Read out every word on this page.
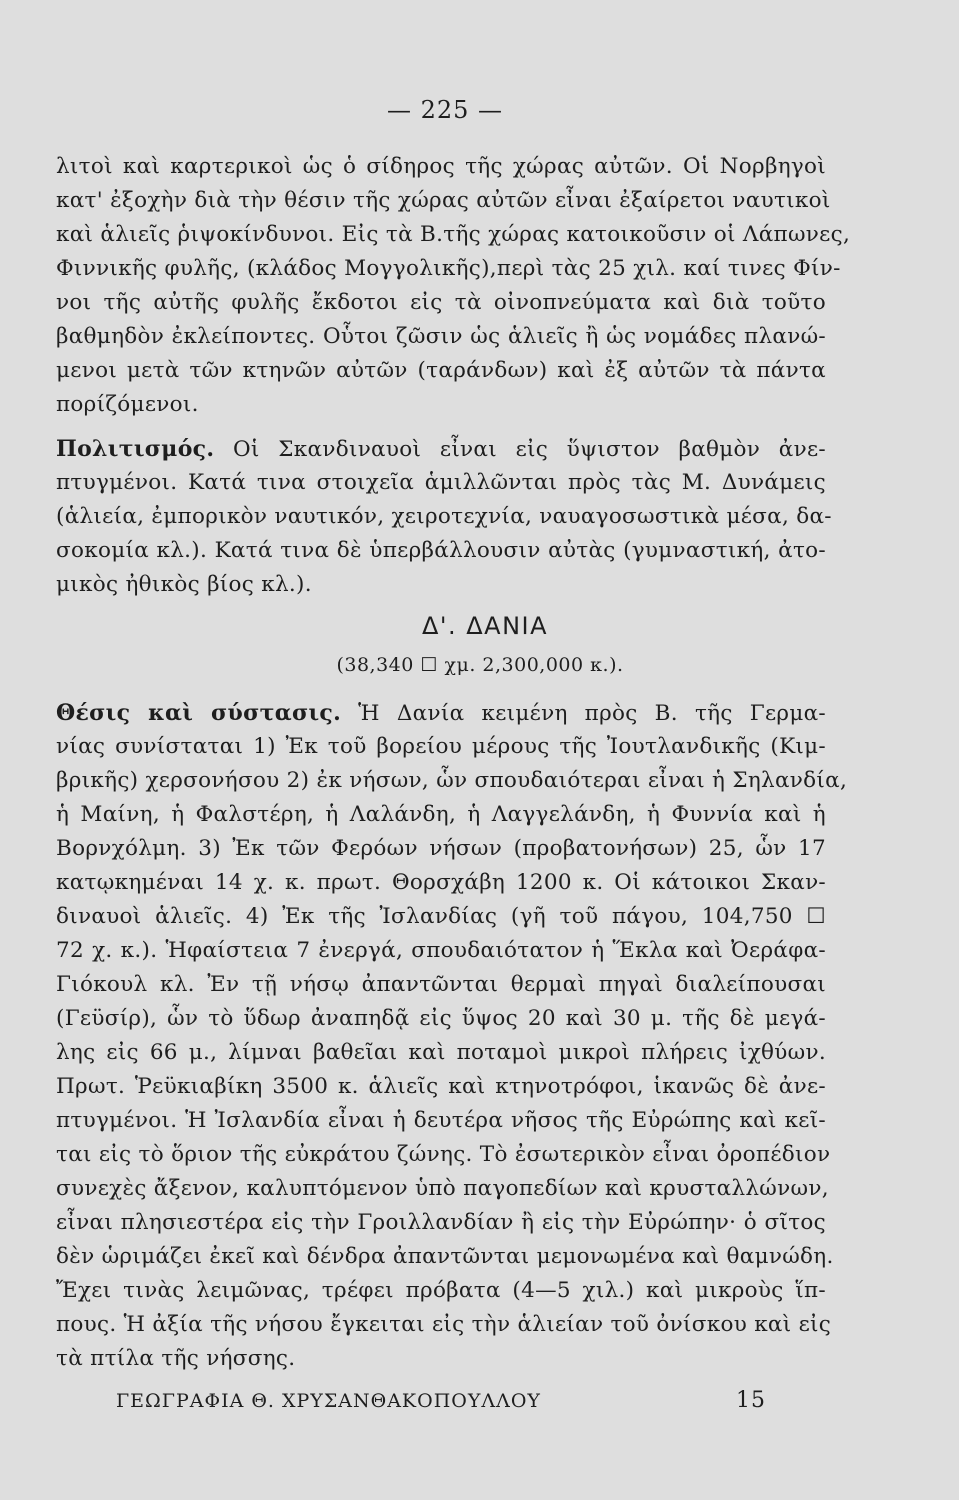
— 225 —
λιτοὶ καὶ καρτερικοὶ ὡς ὁ σίδηρος τῆς χώρας αὐτῶν. Οἱ Νορβηγοὶ
κατ' ἐξοχὴν διὰ τὴν θέσιν τῆς χώρας αὐτῶν εἶναι ἐξαίρετοι ναυτικοὶ
καὶ ἁλιεῖς ῥιψοκίνδυνοι. Εἰς τὰ Β.τῆς χώρας κατοικοῦσιν οἱ Λάπωνες,
Φιννικῆς φυλῆς, (κλάδος Μογγολικῆς),περὶ τὰς 25 χιλ. καί τινες Φίν-
νοι τῆς αὐτῆς φυλῆς ἔκδοτοι εἰς τὰ οἰνοπνεύματα καὶ διὰ τοῦτο
βαθμηδὸν ἐκλείποντες. Οὗτοι ζῶσιν ὡς ἁλιεῖς ἢ ὡς νομάδες πλανώ-
μενοι μετὰ τῶν κτηνῶν αὐτῶν (ταράνδων) καὶ ἐξ αὐτῶν τὰ πάντα
πορίζόμενοι.
Πολιτισμός. Οἱ Σκανδιναυοὶ εἶναι εἰς ὕψιστον βαθμὸν ἀνε-
πτυγμένοι. Κατά τινα στοιχεῖα ἁμιλλῶνται πρὸς τὰς Μ. Δυνάμεις
(ἁλιεία, ἐμπορικὸν ναυτικόν, χειροτεχνία, ναυαγοσωστικὰ μέσα, δα-
σοκομία κλ.). Κατά τινα δὲ ὑπερβάλλουσιν αὐτὰς (γυμναστική, ἀτο-
μικὸς ἠθικὸς βίος κλ.).
Δ'. ΔΑΝΙΑ
(38,340 ☐ χμ. 2,300,000 κ.).
Θέσις καὶ σύστασις. Ἡ Δανία κειμένη πρὸς Β. τῆς Γερμα-
νίας συνίσταται 1) Ἐκ τοῦ βορείου μέρους τῆς Ἰουτλανδικῆς (Κιμ-
βρικῆς) χερσονήσου 2) ἐκ νήσων, ὧν σπουδαιότεραι εἶναι ἡ Σηλανδία,
ἡ Μαίνη, ἡ Φαλστέρη, ἡ Λαλάνδη, ἡ Λαγγελάνδη, ἡ Φυννία καὶ ἡ
Βορνχόλμη. 3) Ἐκ τῶν Φερόων νήσων (προβατονήσων) 25, ὧν 17
κατῳκημέναι 14 χ. κ. πρωτ. Θορσχάβη 1200 κ. Οἱ κάτοικοι Σκαν-
διναυοὶ ἁλιεῖς. 4) Ἐκ τῆς Ἰσλανδίας (γῆ τοῦ πάγου, 104,750 ☐
72 χ. κ.). Ἡφαίστεια 7 ἐνεργά, σπουδαιότατον ἡ Ἕκλα καὶ Ὀεράφα-
Γιόκουλ κλ. Ἐν τῇ νήσῳ ἀπαντῶνται θερμαὶ πηγαὶ διαλείπουσαι
(Γεϋσίρ), ὧν τὸ ὕδωρ ἀναπηδᾷ εἰς ὕψος 20 καὶ 30 μ. τῆς δὲ μεγά-
λης εἰς 66 μ., λίμναι βαθεῖαι καὶ ποταμοὶ μικροὶ πλήρεις ἰχθύων.
Πρωτ. Ῥεϋκιαβίκη 3500 κ. ἁλιεῖς καὶ κτηνοτρόφοι, ἱκανῶς δὲ ἀνε-
πτυγμένοι. Ἡ Ἰσλανδία εἶναι ἡ δευτέρα νῆσος τῆς Εὐρώπης καὶ κεῖ-
ται εἰς τὸ ὅριον τῆς εὐκράτου ζώνης. Τὸ ἐσωτερικὸν εἶναι ὀροπέδιον
συνεχὲς ἄξενον, καλυπτόμενον ὑπὸ παγοπεδίων καὶ κρυσταλλώνων,
εἶναι πλησιεστέρα εἰς τὴν Γροιλλανδίαν ἢ εἰς τὴν Εὐρώπην· ὁ σῖτος
δὲν ὡριμάζει ἐκεῖ καὶ δένδρα ἀπαντῶνται μεμονωμένα καὶ θαμνώδη.
Ἔχει τινὰς λειμῶνας, τρέφει πρόβατα (4—5 χιλ.) καὶ μικροὺς ἵπ-
πους. Ἡ ἀξία τῆς νήσου ἔγκειται εἰς τὴν ἁλιείαν τοῦ ὀνίσκου καὶ εἰς
τὰ πτίλα τῆς νήσσης.
ΓΕΩΓΡΑΦΙΑ Θ. ΧΡΥΣΑΝΘΑΚΟΠΟΥΛΛΟΥ	15
